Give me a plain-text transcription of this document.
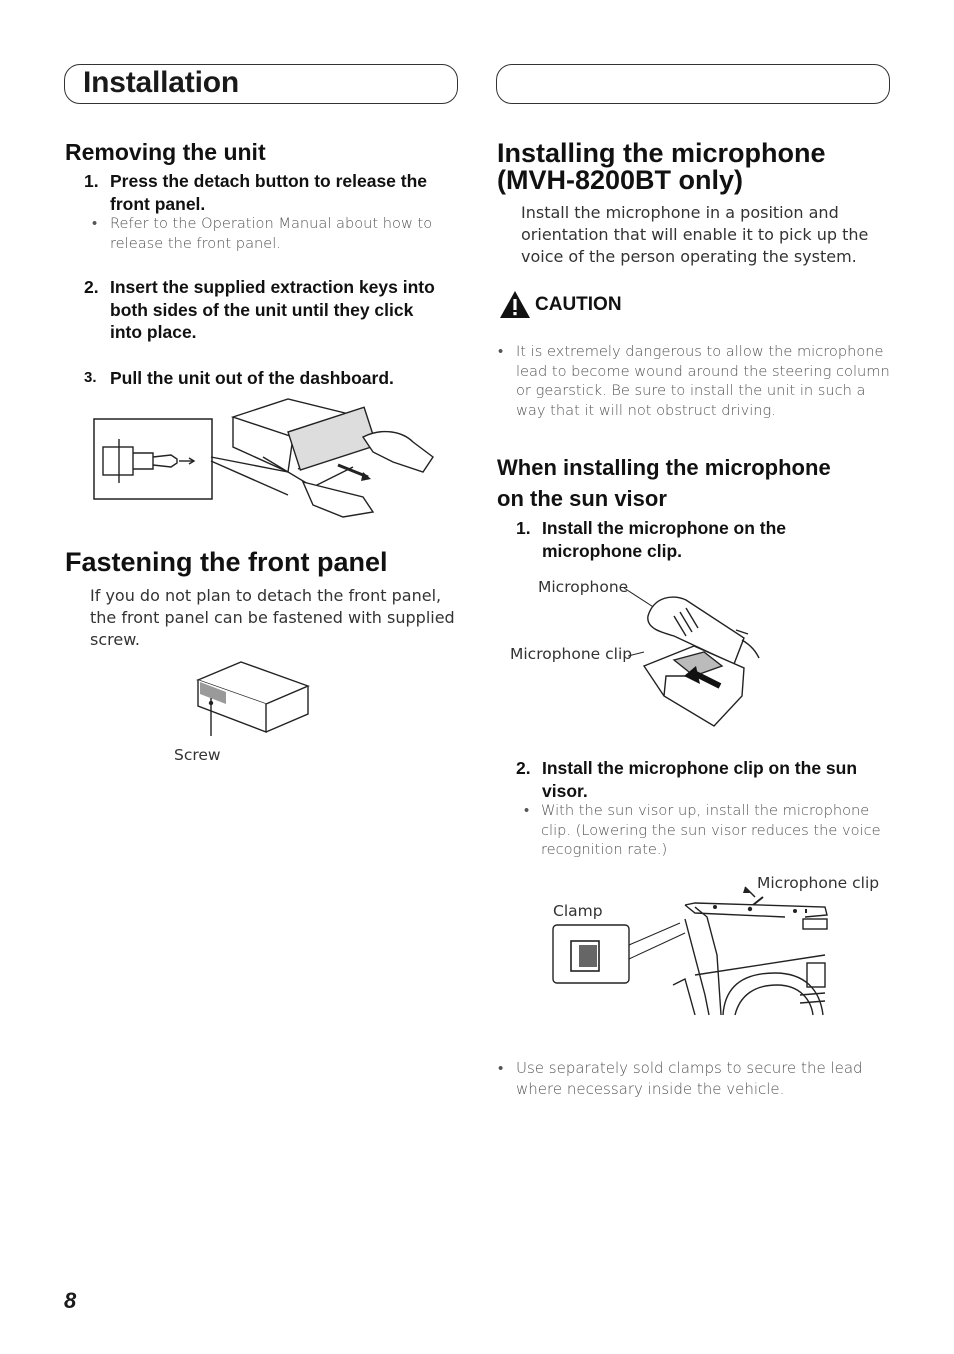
Installation
Removing the unit
1. Press the detach button to release the front panel.
• Refer to the Operation Manual about how to release the front panel.
2. Insert the supplied extraction keys into both sides of the unit until they click into place.
3. Pull the unit out of the dashboard.
Fastening the front panel
If you do not plan to detach the front panel, the front panel can be fastened with supplied screw.
Screw
Installing the microphone
(MVH-8200BT only)
Install the microphone in a position and orientation that will enable it to pick up the voice of the person operating the system.
CAUTION
• It is extremely dangerous to allow the microphone lead to become wound around the steering column or gearstick. Be sure to install the unit in such a way that it will not obstruct driving.
When installing the microphone
on the sun visor
1. Install the microphone on the microphone clip.
Microphone
Microphone clip
2. Install the microphone clip on the sun visor.
• With the sun visor up, install the microphone clip. (Lowering the sun visor reduces the voice recognition rate.)
Microphone clip
Clamp
• Use separately sold clamps to secure the lead where necessary inside the vehicle.
8
